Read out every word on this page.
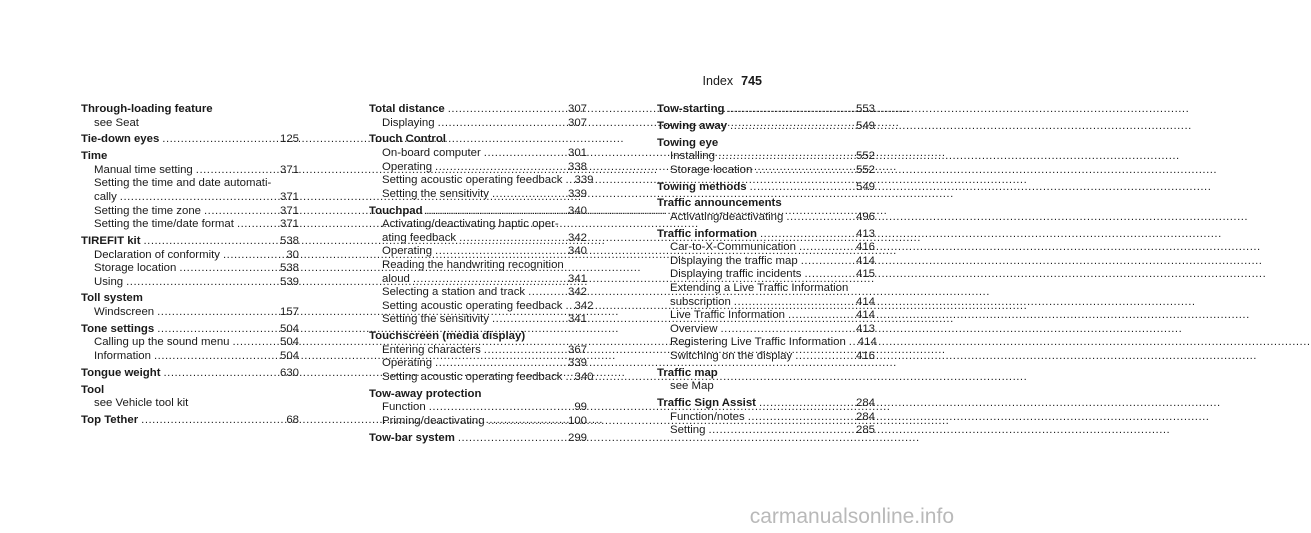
Index 745
Through-loading feature
see Seat
Tie-down eyes .....	125
Time
Manual time setting .....	371
Setting the time and date automati-
cally .....	371
Setting the time zone .....	371
Setting the time/date format .....	371
TIREFIT kit .....	538
Declaration of conformity .....	30
Storage location .....	538
Using .....	539
Toll system
Windscreen .....	157
Tone settings .....	504
Calling up the sound menu .....	504
Information .....	504
Tongue weight .....	630
Tool
see Vehicle tool kit
Top Tether .....	68
Total distance .....	307
Displaying .....	307
Touch Control
On-board computer .....	301
Operating .....	338
Setting acoustic operating feedback ..... 339
Setting the sensitivity .....	339
Touchpad .....	340
Activating/deactivating haptic oper-
ating feedback .....	342
Operating .....	340
Reading the handwriting recognition
aloud .....	341
Selecting a station and track .....	342
Setting acoustic operating feedback ..... 342
Setting the sensitivity .....	341
Touchscreen (media display)
Entering characters .....	367
Operating .....	339
Setting acoustic operating feedback ..... 340
Tow-away protection
Function .....	99
Priming/deactivating .....	100
Tow-bar system .....	299
Tow-starting .....	553
Towing away .....	549
Towing eye
Installing .....	552
Storage location .....	552
Towing methods .....	549
Traffic announcements
Activating/deactivating .....	496
Traffic information .....	413
Car-to-X-Communication .....	416
Displaying the traffic map .....	414
Displaying traffic incidents .....	415
Extending a Live Traffic Information
subscription .....	414
Live Traffic Information .....	414
Overview .....	413
Registering Live Traffic Information ..... 414
Switching on the display .....	416
Traffic map
see Map
Traffic Sign Assist .....	284
Function/notes .....	284
Setting .....	285
carmanualsonline.info
